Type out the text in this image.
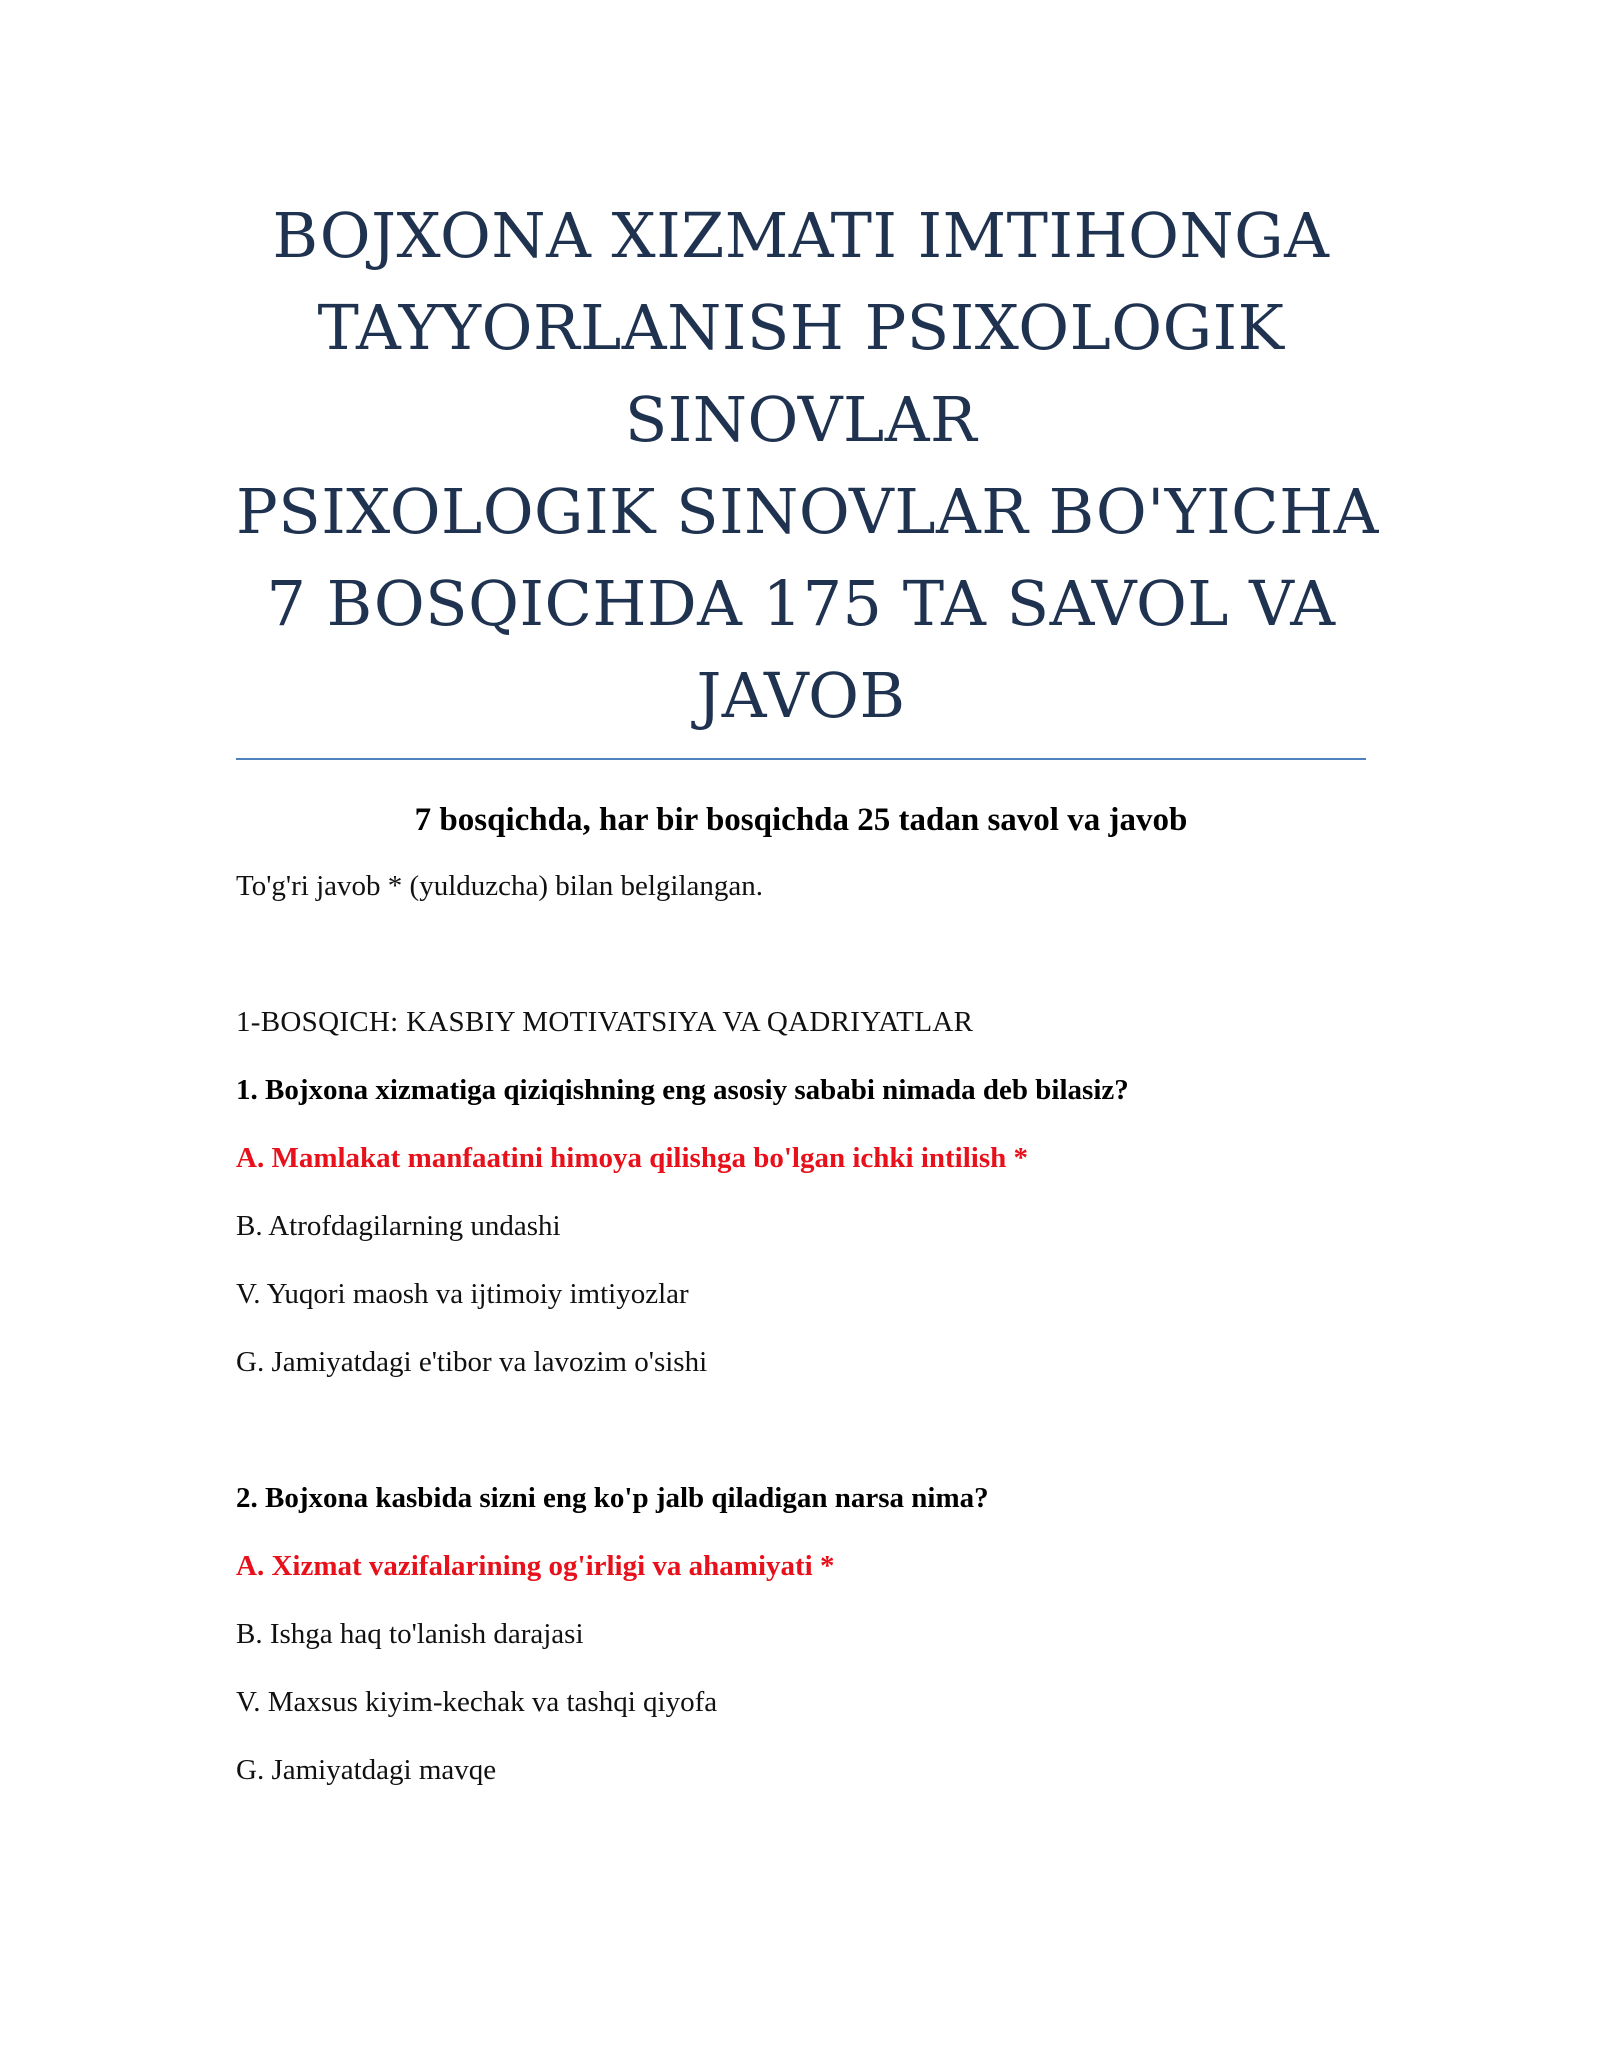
BOJXONA XIZMATI IMTIHONGA
TAYYORLANISH PSIXOLOGIK
SINOVLAR
PSIXOLOGIK SINOVLAR BO'YICHA
7 BOSQICHDA 175 TA SAVOL VA
JAVOB
7 bosqichda, har bir bosqichda 25 tadan savol va javob
To'g'ri javob * (yulduzcha) bilan belgilangan.
1-BOSQICH: KASBIY MOTIVATSIYA VA QADRIYATLAR
1. Bojxona xizmatiga qiziqishning eng asosiy sababi nimada deb bilasiz?
A. Mamlakat manfaatini himoya qilishga bo'lgan ichki intilish *
B. Atrofdagilarning undashi
V. Yuqori maosh va ijtimoiy imtiyozlar
G. Jamiyatdagi e'tibor va lavozim o'sishi
2. Bojxona kasbida sizni eng ko'p jalb qiladigan narsa nima?
A. Xizmat vazifalarining og'irligi va ahamiyati *
B. Ishga haq to'lanish darajasi
V. Maxsus kiyim-kechak va tashqi qiyofa
G. Jamiyatdagi mavqe
